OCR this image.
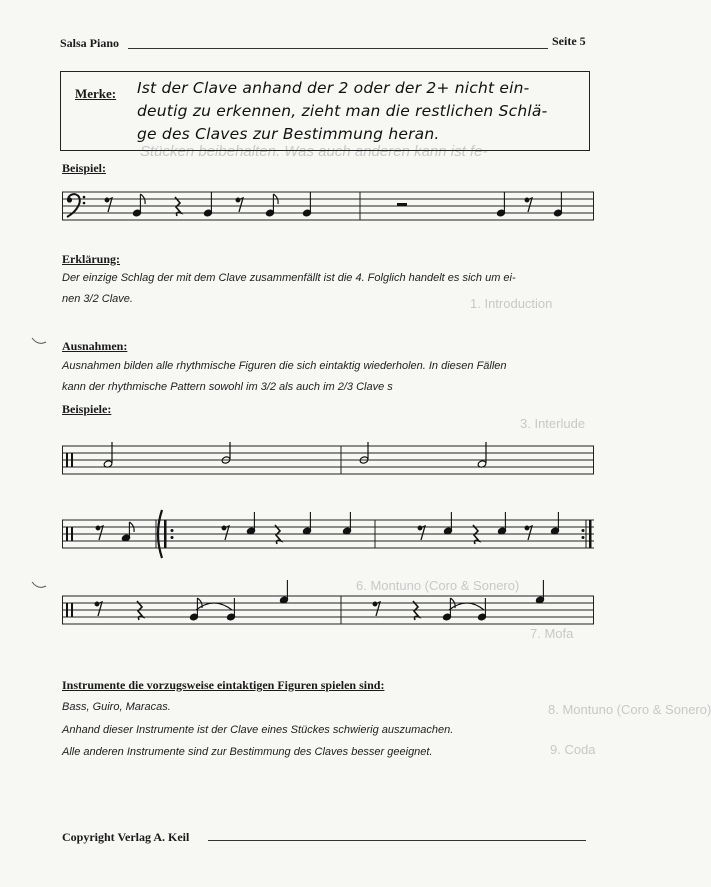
Salsa Piano	Seite 5
Stücken beibehalten. Was auch anderen kann ist fe-
1. Introduction
3. Interlude
6. Montuno (Coro & Sonero)
7. Mofa
8. Montuno (Coro & Sonero)
9. Coda
Merke: Ist der Clave anhand der 2 oder der 2+ nicht ein-
deutig zu erkennen, zieht man die restlichen Schlä-
ge des Claves zur Bestimmung heran.
Beispiel:
Erklärung:
Der einzige Schlag der mit dem Clave zusammenfällt ist die 4. Folglich handelt es sich um ei-
nen 3/2 Clave.
Ausnahmen:
Ausnahmen bilden alle rhythmische Figuren die sich eintaktig wiederholen. In diesen Fällen
kann der rhythmische Pattern sowohl im 3/2 als auch im 2/3 Clave s
Beispiele:
Instrumente die vorzugsweise eintaktigen Figuren spielen sind:
Bass, Guiro, Maracas.
Anhand dieser Instrumente ist der Clave eines Stückes schwierig auszumachen.
Alle anderen Instrumente sind zur Bestimmung des Claves besser geeignet.
Copyright Verlag A. Keil
